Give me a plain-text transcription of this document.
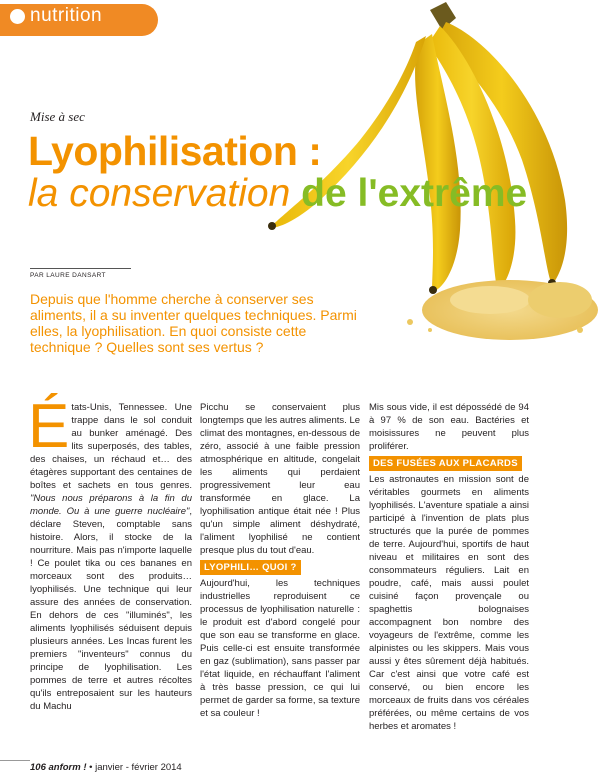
nutrition
Mise à sec
Lyophilisation :
la conservation de l'extrême
PAR LAURE DANSART
Depuis que l'homme cherche à conserver ses aliments, il a su inventer quelques techniques. Parmi elles, la lyophilisation. En quoi consiste cette technique ? Quelles sont ses vertus ?

États-Unis, Tennessee. Une trappe dans le sol conduit au bunker aménagé. Des lits superposés, des tables, des chaises, un réchaud et… des étagères supportant des centaines de boîtes et sachets en tous genres. "Nous nous préparons à la fin du monde. Ou à une guerre nucléaire", déclare Steven, comptable sans histoire. Alors, il stocke de la nourriture. Mais pas n'importe laquelle ! Ce poulet tika ou ces bananes en morceaux sont des produits… lyophilisés. Une technique qui leur assure des années de conservation. En dehors de ces "illuminés", les aliments lyophilisés séduisent depuis plusieurs années. Les Incas furent les premiers "inventeurs" connus du principe de lyophilisation. Les pommes de terre et autres récoltes qu'ils entreposaient sur les hauteurs du Machu

Picchu se conservaient plus longtemps que les autres aliments. Le climat des montagnes, en-dessous de zéro, associé à une faible pression atmosphérique en altitude, congelait les aliments qui perdaient progressivement leur eau transformée en glace. La lyophilisation antique était née ! Plus qu'un simple aliment déshydraté, l'aliment lyophilisé ne contient presque plus du tout d'eau.

LYOPHILI… QUOI ?

Aujourd'hui, les techniques industrielles reproduisent ce processus de lyophilisation naturelle : le produit est d'abord congelé pour que son eau se transforme en glace. Puis celle-ci est ensuite transformée en gaz (sublimation), sans passer par l'état liquide, en réchauffant l'aliment à très basse pression, ce qui lui permet de garder sa forme, sa texture et sa couleur !

Mis sous vide, il est dépossédé de 94 à 97 % de son eau. Bactéries et moisissures ne peuvent plus proliférer.

DES FUSÉES AUX PLACARDS

Les astronautes en mission sont de véritables gourmets en aliments lyophilisés. L'aventure spatiale a ainsi participé à l'invention de plats plus structurés que la purée de pommes de terre. Aujourd'hui, sportifs de haut niveau et militaires en sont des consommateurs réguliers. Lait en poudre, café, mais aussi poulet cuisiné façon provençale ou spaghettis bolognaises accompagnent bon nombre des voyageurs de l'extrême, comme les alpinistes ou les skippers. Mais vous aussi y êtes sûrement déjà habitués. Car c'est ainsi que votre café est conservé, ou bien encore les morceaux de fruits dans vos céréales préférées, ou même certains de vos herbes et aromates !

106 anform ! • janvier - février 2014
